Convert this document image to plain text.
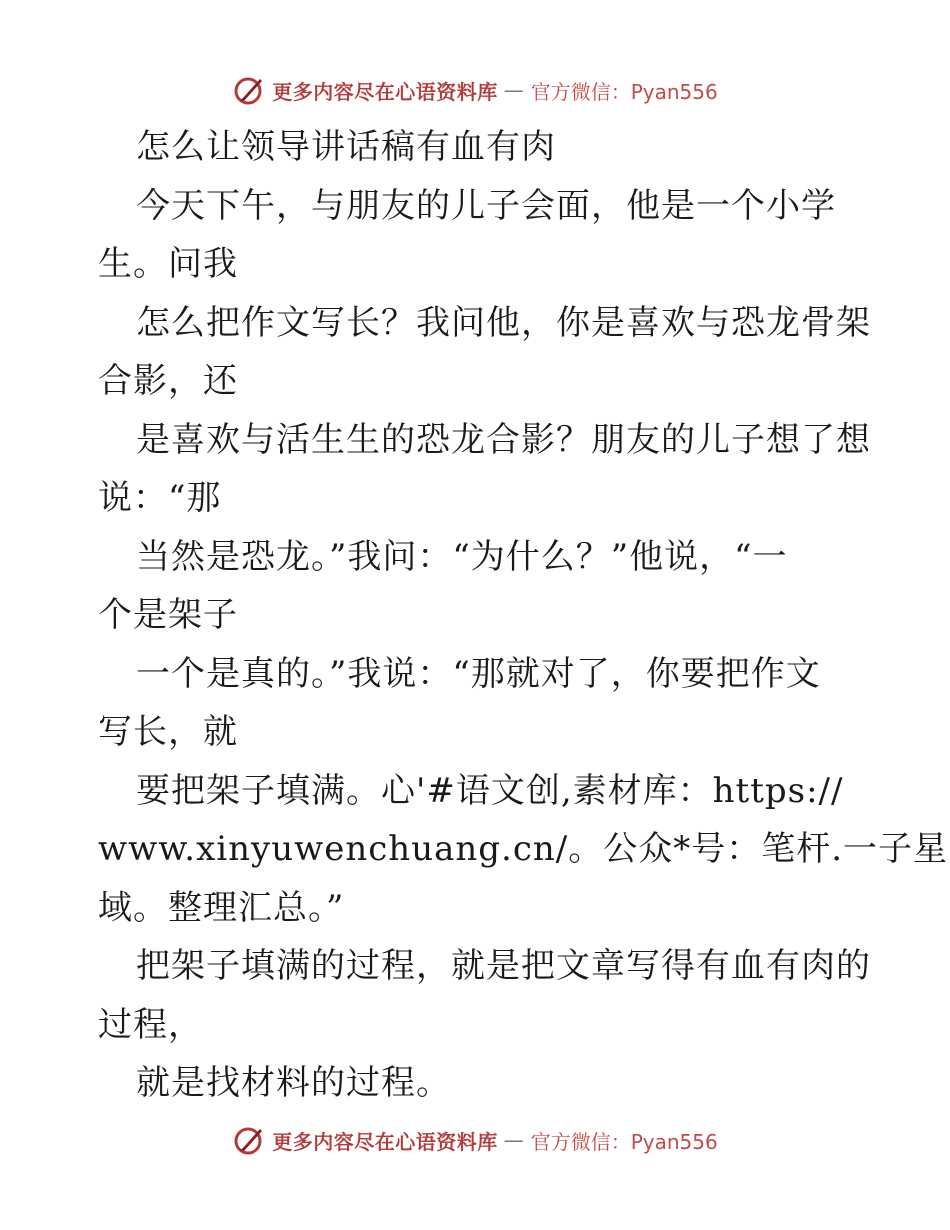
更多内容尽在心语资料库 — 官方微信：Pyan556
怎么让领导讲话稿有血有肉
今天下午，与朋友的儿子会面，他是一个小学
生。问我
怎么把作文写长？我问他，你是喜欢与恐龙骨架
合影，还
是喜欢与活生生的恐龙合影？朋友的儿子想了想
说：“那
当然是恐龙。”我问：“为什么？”他说，“一
个是架子
一个是真的。”我说：“那就对了，你要把作文
写长，就
要把架子填满。心'#语文创,素材库：https://
www.xinyuwenchuang.cn/。公众*号：笔杆.一子星
域。整理汇总。”
把架子填满的过程，就是把文章写得有血有肉的
过程，
就是找材料的过程。
更多内容尽在心语资料库 — 官方微信：Pyan556
